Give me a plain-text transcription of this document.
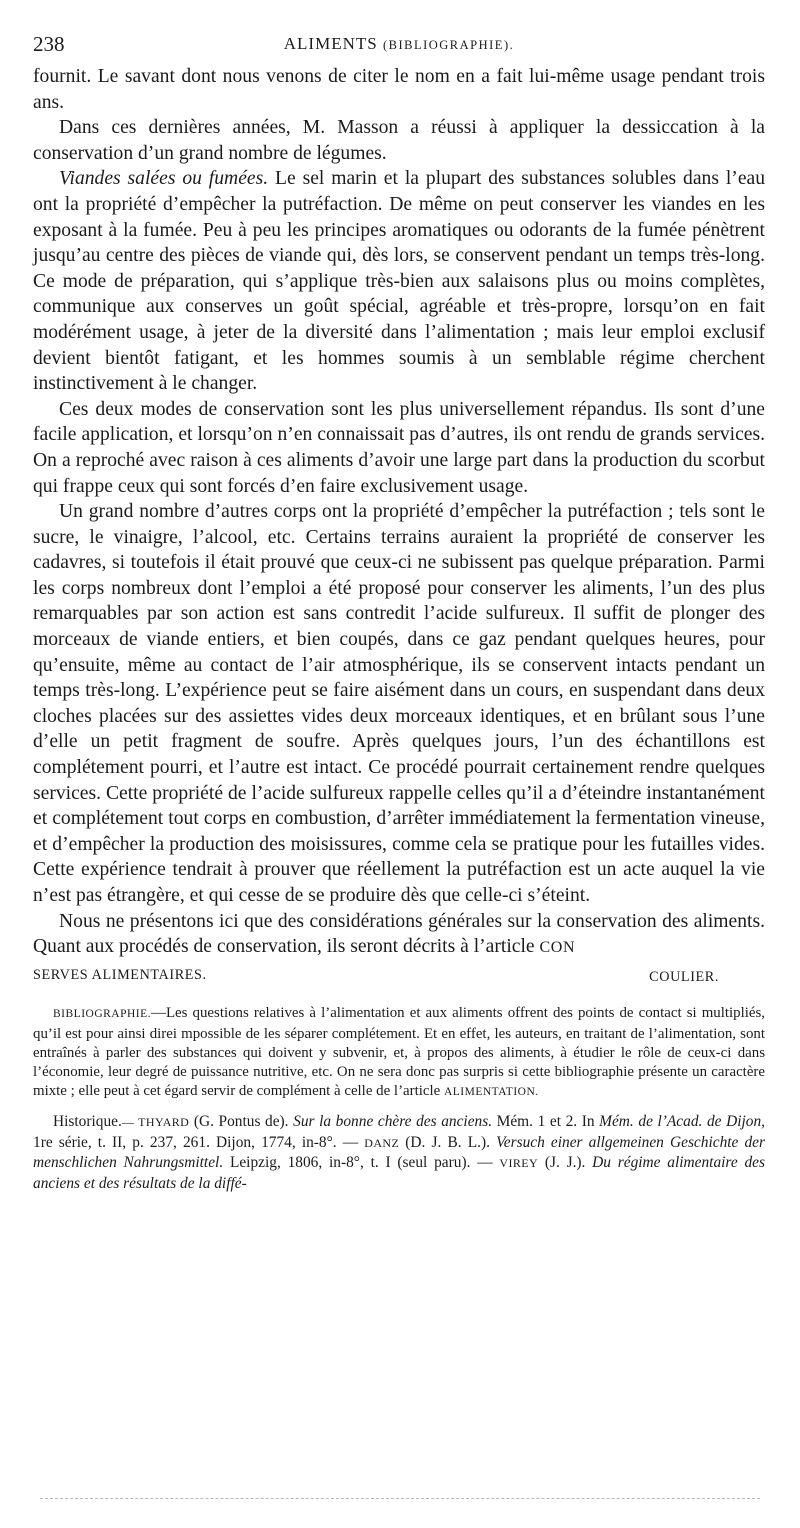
238	ALIMENTS (BIBLIOGRAPHIE).

fournit. Le savant dont nous venons de citer le nom en a fait lui-même usage pendant trois ans.

Dans ces dernières années, M. Masson a réussi à appliquer la dessiccation à la conservation d’un grand nombre de légumes.

Viandes salées ou fumées. Le sel marin et la plupart des substances solubles dans l’eau ont la propriété d’empêcher la putréfaction. De même on peut conserver les viandes en les exposant à la fumée. Peu à peu les principes aromatiques ou odorants de la fumée pénètrent jusqu’au centre des pièces de viande qui, dès lors, se conservent pendant un temps très-long. Ce mode de préparation, qui s’applique très-bien aux salaisons plus ou moins complètes, communique aux conserves un goût spécial, agréable et très-propre, lorsqu’on en fait modérément usage, à jeter de la diversité dans l’alimentation ; mais leur emploi exclusif devient bientôt fatigant, et les hommes soumis à un semblable régime cherchent instinctivement à le changer.

Ces deux modes de conservation sont les plus universellement répandus. Ils sont d’une facile application, et lorsqu’on n’en connaissait pas d’autres, ils ont rendu de grands services. On a reproché avec raison à ces aliments d’avoir une large part dans la production du scorbut qui frappe ceux qui sont forcés d’en faire exclusivement usage.

Un grand nombre d’autres corps ont la propriété d’empêcher la putréfaction ; tels sont le sucre, le vinaigre, l’alcool, etc. Certains terrains auraient la propriété de conserver les cadavres, si toutefois il était prouvé que ceux-ci ne subissent pas quelque préparation. Parmi les corps nombreux dont l’emploi a été proposé pour conserver les aliments, l’un des plus remarquables par son action est sans contredit l’acide sulfureux. Il suffit de plonger des morceaux de viande entiers, et bien coupés, dans ce gaz pendant quelques heures, pour qu’ensuite, même au contact de l’air atmosphérique, ils se conservent intacts pendant un temps très-long. L’expérience peut se faire aisément dans un cours, en suspendant dans deux cloches placées sur des assiettes vides deux morceaux identiques, et en brûlant sous l’une d’elle un petit fragment de soufre. Après quelques jours, l’un des échantillons est complétement pourri, et l’autre est intact. Ce procédé pourrait certainement rendre quelques services. Cette propriété de l’acide sulfureux rappelle celles qu’il a d’éteindre instantanément et complétement tout corps en combustion, d’arrêter immédiatement la fermentation vineuse, et d’empêcher la production des moisissures, comme cela se pratique pour les futailles vides. Cette expérience tendrait à prouver que réellement la putréfaction est un acte auquel la vie n’est pas étrangère, et qui cesse de se produire dès que celle-ci s’éteint.

Nous ne présentons ici que des considérations générales sur la conservation des aliments. Quant aux procédés de conservation, ils seront décrits à l’article CON
SERVES ALIMENTAIRES.	COULIER.

BIBLIOGRAPHIE.—Les questions relatives à l’alimentation et aux aliments offrent des points de contact si multipliés, qu’il est pour ainsi direi mpossible de les séparer complétement. Et en effet, les auteurs, en traitant de l’alimentation, sont entraînés à parler des substances qui doivent y subvenir, et, à propos des aliments, à étudier le rôle de ceux-ci dans l’économie, leur degré de puissance nutritive, etc. On ne sera donc pas surpris si cette bibliographie présente un caractère mixte ; elle peut à cet égard servir de complément à celle de l’article ALIMENTATION.

Historique.— THYARD (G. Pontus de). Sur la bonne chère des anciens. Mém. 1 et 2. In Mém. de l’Acad. de Dijon, 1re série, t. II, p. 237, 261. Dijon, 1774, in-8°. — DANZ (D. J. B. L.). Versuch einer allgemeinen Geschichte der menschlichen Nahrungsmittel. Leipzig, 1806, in-8°, t. I (seul paru). — VIREY (J. J.). Du régime alimentaire des anciens et des résultats de la diffé-
